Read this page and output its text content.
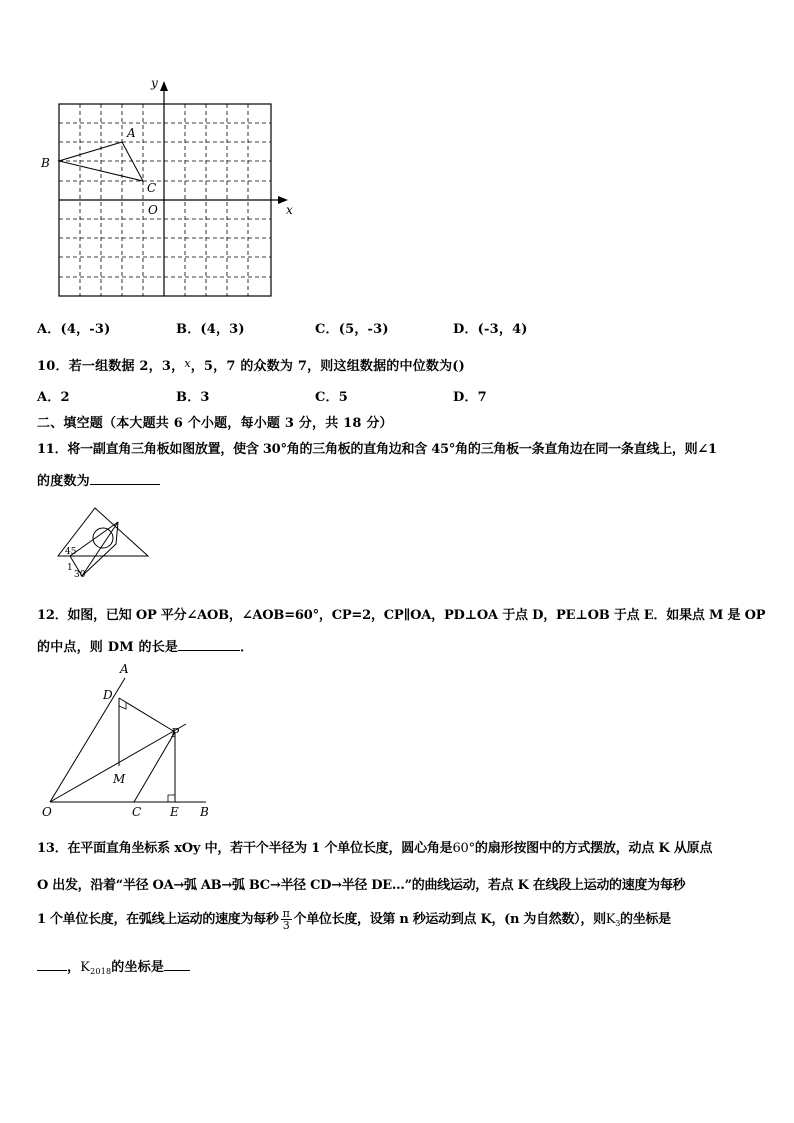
y
x
A
B
C
O
A．(4，-3)	B．(4，3)	C．(5，-3)	D．(-3，4)
10．若一组数据 2，3，$^x$，5，7 的众数为 7，则这组数据的中位数为()
A．2	B．3	C．5	D．7
二、填空题（本大题共 6 个小题，每小题 3 分，共 18 分）
11．将一副直角三角板如图放置，使含 30°角的三角板的直角边和含 45°角的三角板一条直角边在同一条直线上，则∠1
的度数为
45
1
30
12．如图，已知 OP 平分∠AOB，∠AOB=60°，CP=2，CP∥OA，PD⊥OA 于点 D，PE⊥OB 于点 E．如果点 M 是 OP
的中点，则 DM 的长是	．
A
D
P
M
O	C E B
13．在平面直角坐标系 xOy 中，若干个半径为 1 个单位长度，圆心角是60°的扇形按图中的方式摆放，动点 K 从原点
O 出发，沿着“半径 OA→弧 AB→弧 BC→半径 CD→半径 DE…”的曲线运动，若点 K 在线段上运动的速度为每秒
1 个单位长度，在弧线上运动的速度为每秒 $\frac{\pi}{3}$ 个单位长度，设第 n 秒运动到点 K，(n 为自然数），则$K_3$的坐标是
，$K_{2018}$的坐标是
